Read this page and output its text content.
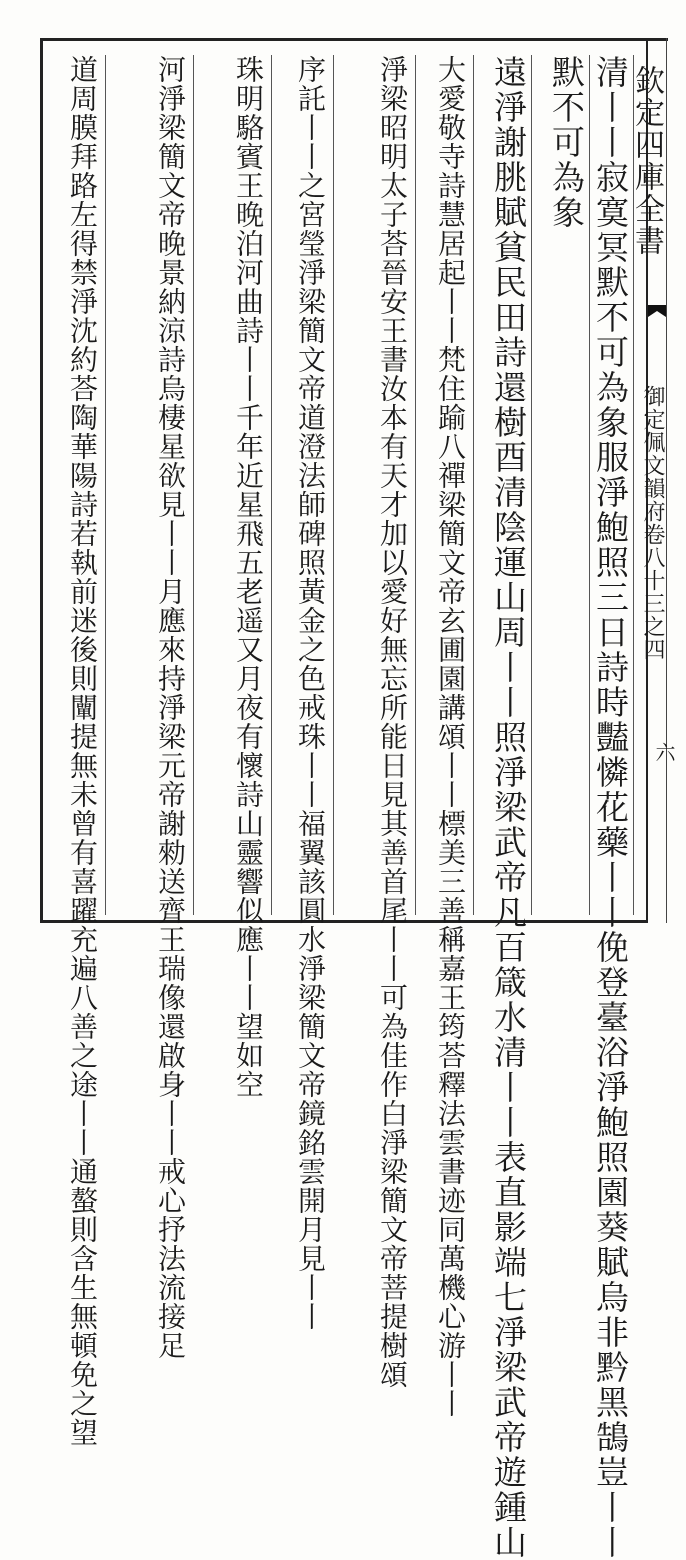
欽定四庫全書
御定佩文韻府卷八十三之四
六
清丨丨寂寞冥默不可為象服淨鮑照三日詩時豔憐花藥丨丨俛登臺浴淨鮑照園葵賦烏非黔黑鵠豈丨丨
默不可為象
遠淨謝朓賦貧民田詩還樹酉清陰運山周丨丨照淨梁武帝凡百箴水清丨丨表直影端七淨梁武帝遊鍾山
大愛敬寺詩慧居起丨丨梵住踰八禪梁簡文帝玄圃園講頌丨丨標美三善稱嘉王筠荅釋法雲書迹同萬機心游丨丨
淨梁昭明太子荅晉安王書汝本有天才加以愛好無忘所能日見其善首尾丨丨可為佳作白淨梁簡文帝菩提樹頌
序託丨丨之宮瑩淨梁簡文帝道澄法師碑照黃金之色戒珠丨丨福翼該圓水淨梁簡文帝鏡銘雲開月見丨丨
珠明駱賓王晚泊河曲詩丨丨千年近星飛五老遥又月夜有懷詩山靈響似應丨丨望如空
河淨梁簡文帝晚景納涼詩烏棲星欲見丨丨月應來持淨梁元帝謝勑送齊王瑞像還啟身丨丨戒心抒法流接足
道周膜拜路左得禁淨沈約荅陶華陽詩若執前迷後則闡提無未曾有喜躍充遍八善之途丨丨通螯則含生無頓免之望
